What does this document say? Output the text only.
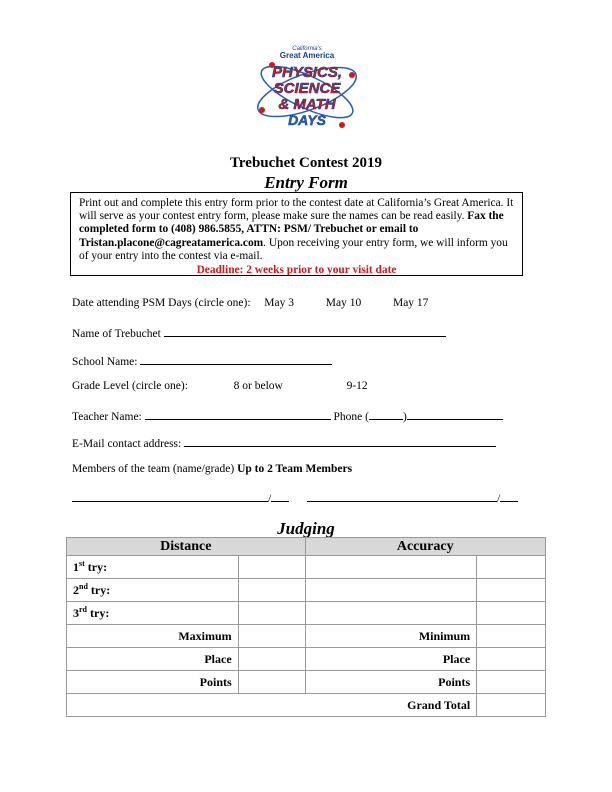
California's
Great America
PHYSICS,
SCIENCE
& MATH
DAYS
Trebuchet Contest 2019
Entry Form
Print out and complete this entry form prior to the contest date at California’s Great America. It will serve as your contest entry form, please make sure the names can be read easily. Fax the completed form to (408) 986.5855, ATTN: PSM/ Trebuchet or email to Tristan.placone@cagreatamerica.com. Upon receiving your entry form, we will inform you of your entry into the contest via e-mail.
Deadline: 2 weeks prior to your visit date
Date attending PSM Days (circle one): May 3	May 10	May 17
Name of Trebuchet
School Name:
Grade Level (circle one):	8 or below	9-12
Teacher Name:	Phone (	)
E-Mail contact address:
Members of the team (name/grade) Up to 2 Team Members
/	/
Judging
Distance		Accuracy	
1st try:			
2nd try:			
3rd try:			
Maximum		Minimum	
Place		Place	
Points		Points	
Grand Total			
